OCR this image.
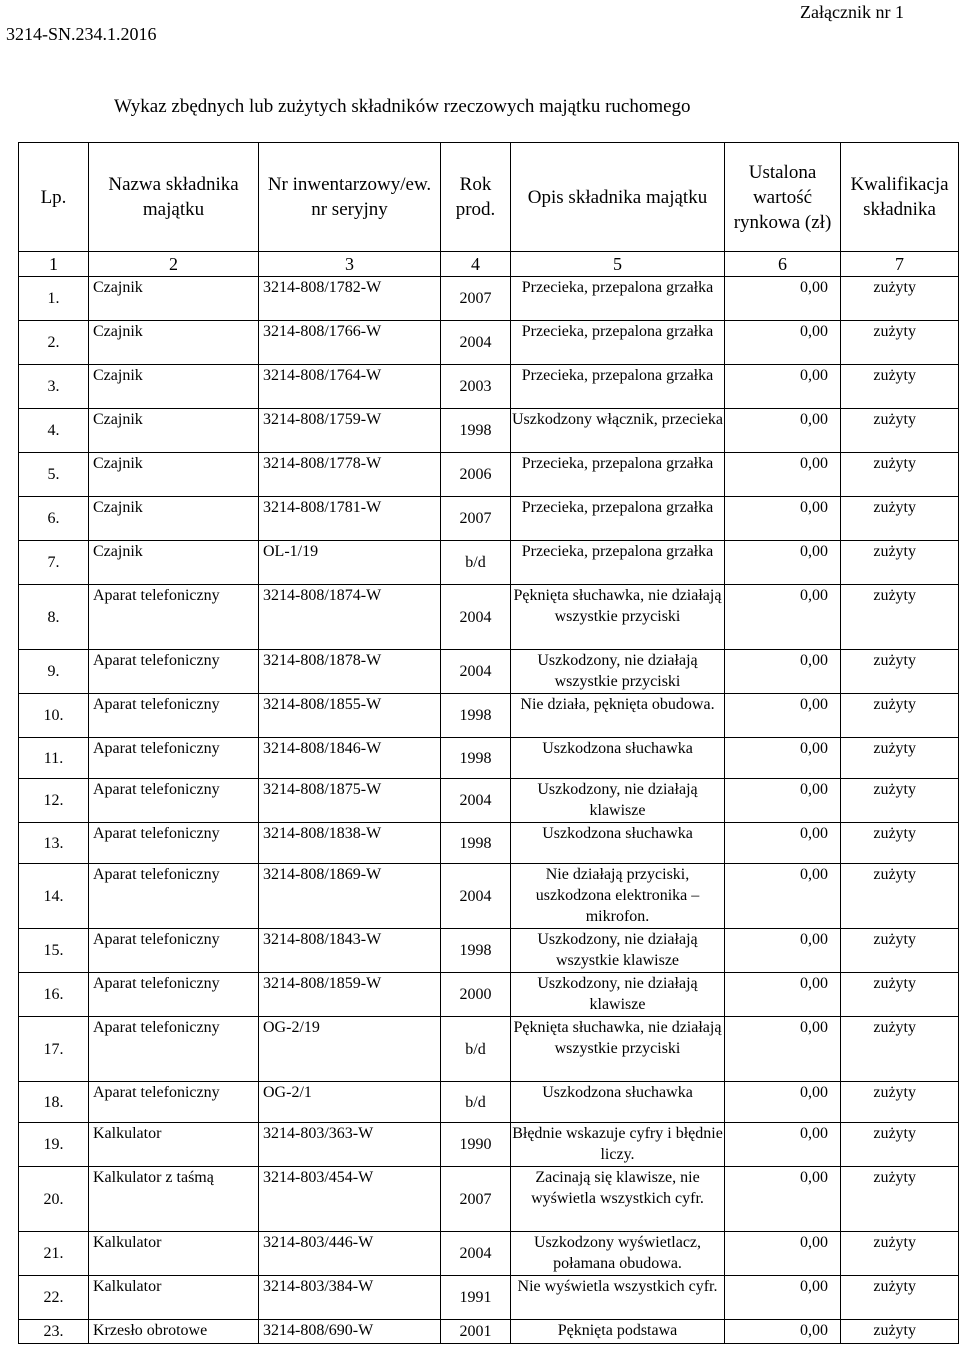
3214-SN.234.1.2016
Załącznik nr 1
Wykaz zbędnych lub zużytych składników rzeczowych majątku ruchomego
Lp.	Nazwa składnika majątku	Nr inwentarzowy/ew. nr seryjny	Rok prod.	Opis składnika majątku	Ustalona wartość rynkowa (zł)	Kwalifikacja składnika
1	2	3	4	5	6	7
1.	Czajnik	3214-808/1782-W	2007	Przecieka, przepalona grzałka	0,00	zużyty
2.	Czajnik	3214-808/1766-W	2004	Przecieka, przepalona grzałka	0,00	zużyty
3.	Czajnik	3214-808/1764-W	2003	Przecieka, przepalona grzałka	0,00	zużyty
4.	Czajnik	3214-808/1759-W	1998	Uszkodzony włącznik, przecieka	0,00	zużyty
5.	Czajnik	3214-808/1778-W	2006	Przecieka, przepalona grzałka	0,00	zużyty
6.	Czajnik	3214-808/1781-W	2007	Przecieka, przepalona grzałka	0,00	zużyty
7.	Czajnik	OL-1/19	b/d	Przecieka, przepalona grzałka	0,00	zużyty
8.	Aparat telefoniczny	3214-808/1874-W	2004	Pęknięta słuchawka, nie działają wszystkie przyciski	0,00	zużyty
9.	Aparat telefoniczny	3214-808/1878-W	2004	Uszkodzony, nie działają wszystkie przyciski	0,00	zużyty
10.	Aparat telefoniczny	3214-808/1855-W	1998	Nie działa, pęknięta obudowa.	0,00	zużyty
11.	Aparat telefoniczny	3214-808/1846-W	1998	Uszkodzona słuchawka	0,00	zużyty
12.	Aparat telefoniczny	3214-808/1875-W	2004	Uszkodzony, nie działają klawisze	0,00	zużyty
13.	Aparat telefoniczny	3214-808/1838-W	1998	Uszkodzona słuchawka	0,00	zużyty
14.	Aparat telefoniczny	3214-808/1869-W	2004	Nie działają przyciski, uszkodzona elektronika – mikrofon.	0,00	zużyty
15.	Aparat telefoniczny	3214-808/1843-W	1998	Uszkodzony, nie działają wszystkie klawisze	0,00	zużyty
16.	Aparat telefoniczny	3214-808/1859-W	2000	Uszkodzony, nie działają klawisze	0,00	zużyty
17.	Aparat telefoniczny	OG-2/19	b/d	Pęknięta słuchawka, nie działają wszystkie przyciski	0,00	zużyty
18.	Aparat telefoniczny	OG-2/1	b/d	Uszkodzona słuchawka	0,00	zużyty
19.	Kalkulator	3214-803/363-W	1990	Błędnie wskazuje cyfry i błędnie liczy.	0,00	zużyty
20.	Kalkulator z taśmą	3214-803/454-W	2007	Zacinają się klawisze, nie wyświetla wszystkich cyfr.	0,00	zużyty
21.	Kalkulator	3214-803/446-W	2004	Uszkodzony wyświetlacz, połamana obudowa.	0,00	zużyty
22.	Kalkulator	3214-803/384-W	1991	Nie wyświetla wszystkich cyfr.	0,00	zużyty
23.	Krzesło obrotowe	3214-808/690-W	2001	Pęknięta podstawa	0,00	zużyty
